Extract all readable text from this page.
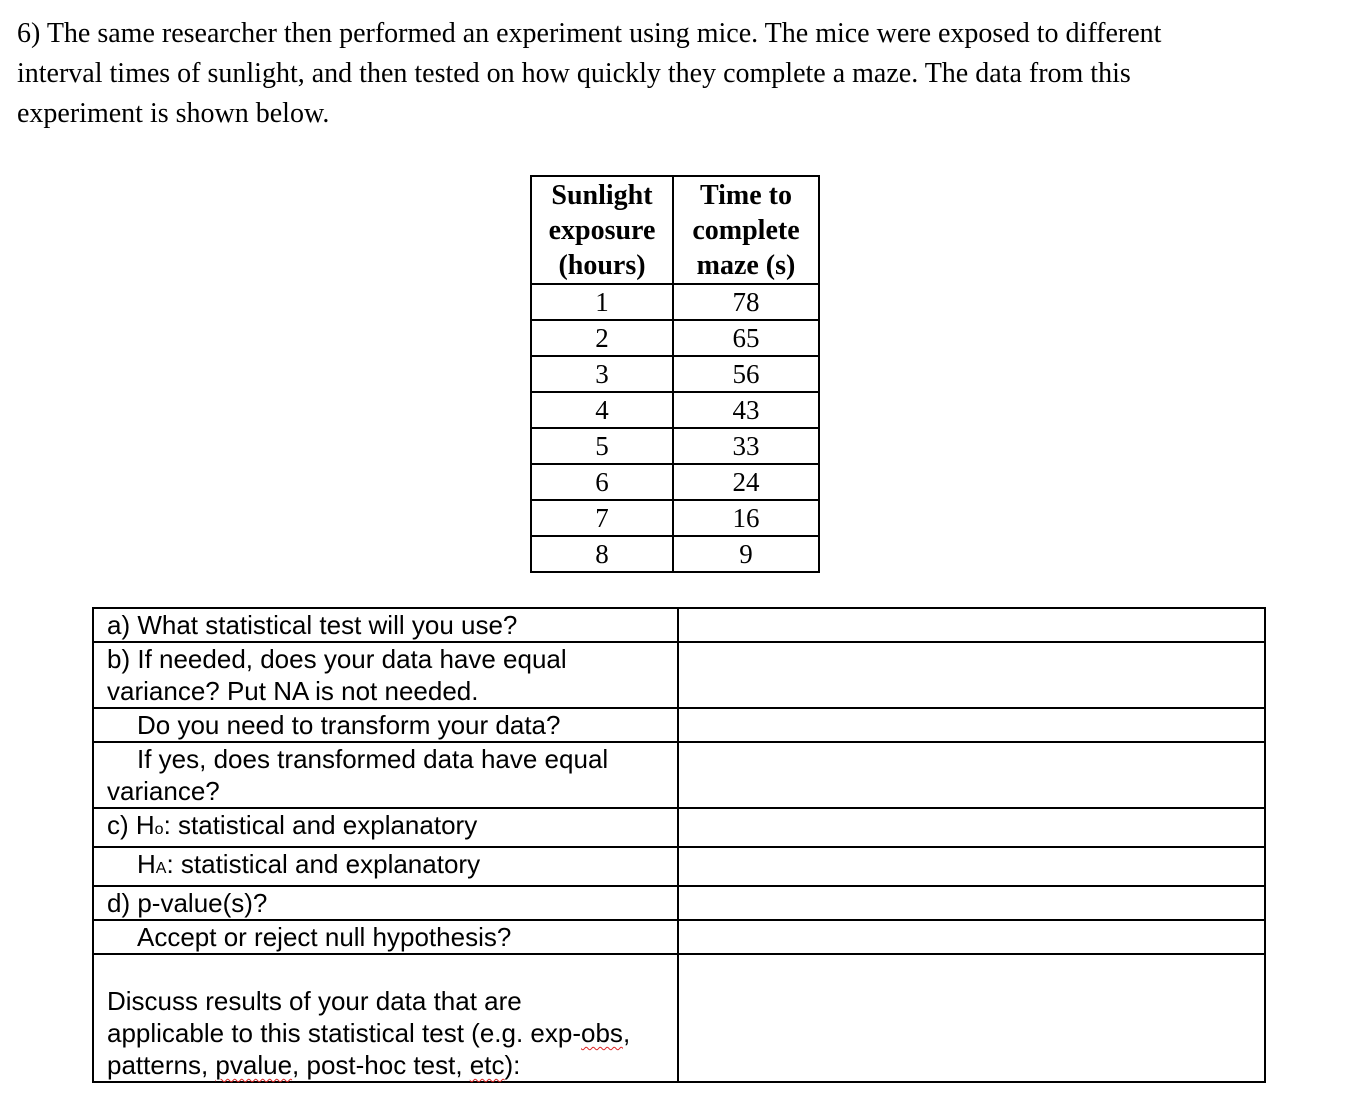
6) The same researcher then performed an experiment using mice. The mice were exposed to different
interval times of sunlight, and then tested on how quickly they complete a maze. The data from this
experiment is shown below.
Sunlight
exposure
(hours)	Time to
complete
maze (s)

1	78
2	65
3	56
4	43
5	33
6	24
7	16
8	9
a) What statistical test will you use?	

b) If needed, does your data have equal
variance? Put NA is not needed.	

Do you need to transform your data?	

If yes, does transformed data have equal
variance?	

c) Ho: statistical and explanatory	

HA: statistical and explanatory	

d) p-value(s)?	

Accept or reject null hypothesis?	

Discuss results of your data that are
applicable to this statistical test (e.g. exp-obs,
patterns, pvalue, post-hoc test, etc):	
